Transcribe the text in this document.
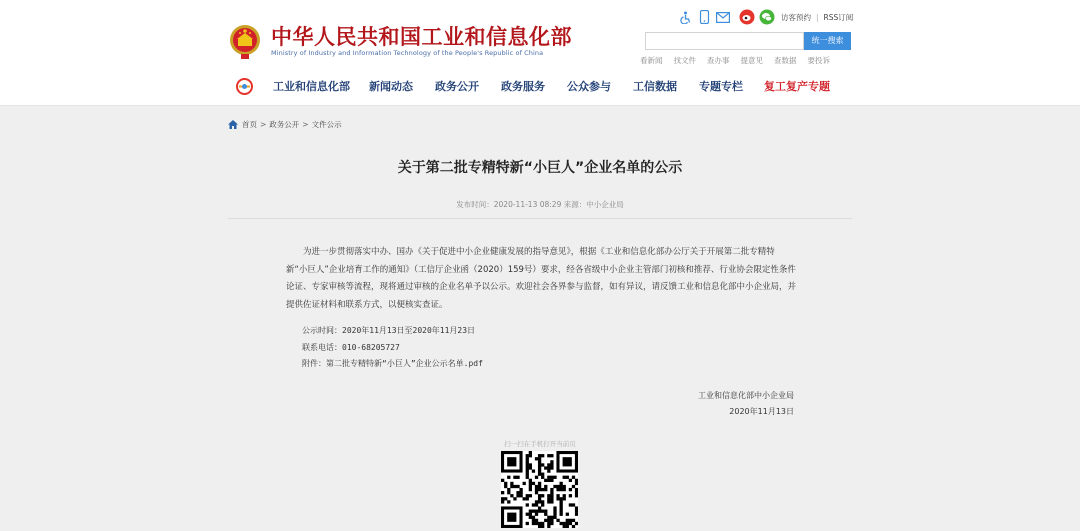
中华人民共和国工业和信息化部
Ministry of Industry and Information Technology of the People's Republic of China
访客预约 | RSS订阅
统一搜索
看新闻 找文件 查办事 提意见 查数据 要投诉
工业和信息化部 新闻动态 政务公开 政务服务 公众参与 工信数据 专题专栏 复工复产专题
首页 > 政务公开 > 文件公示
关于第二批专精特新“小巨人”企业名单的公示
发布时间：2020-11-13 08:29 来源：中小企业局
为进一步贯彻落实中办、国办《关于促进中小企业健康发展的指导意见》，根据《工业和信息化部办公厅关于开展第二批专精特新“小巨人”企业培育工作的通知》（工信厅企业函（2020）159号）要求，经各省级中小企业主管部门初核和推荐、行业协会限定性条件论证、专家审核等流程，现将通过审核的企业名单予以公示。欢迎社会各界参与监督，如有异议，请反馈工业和信息化部中小企业局，并提供佐证材料和联系方式，以便核实查证。
公示时间：2020年11月13日至2020年11月23日
联系电话：010-68205727
附件：第二批专精特新“小巨人”企业公示名单.pdf
工业和信息化部中小企业局
2020年11月13日
扫一扫在手机打开当前页
